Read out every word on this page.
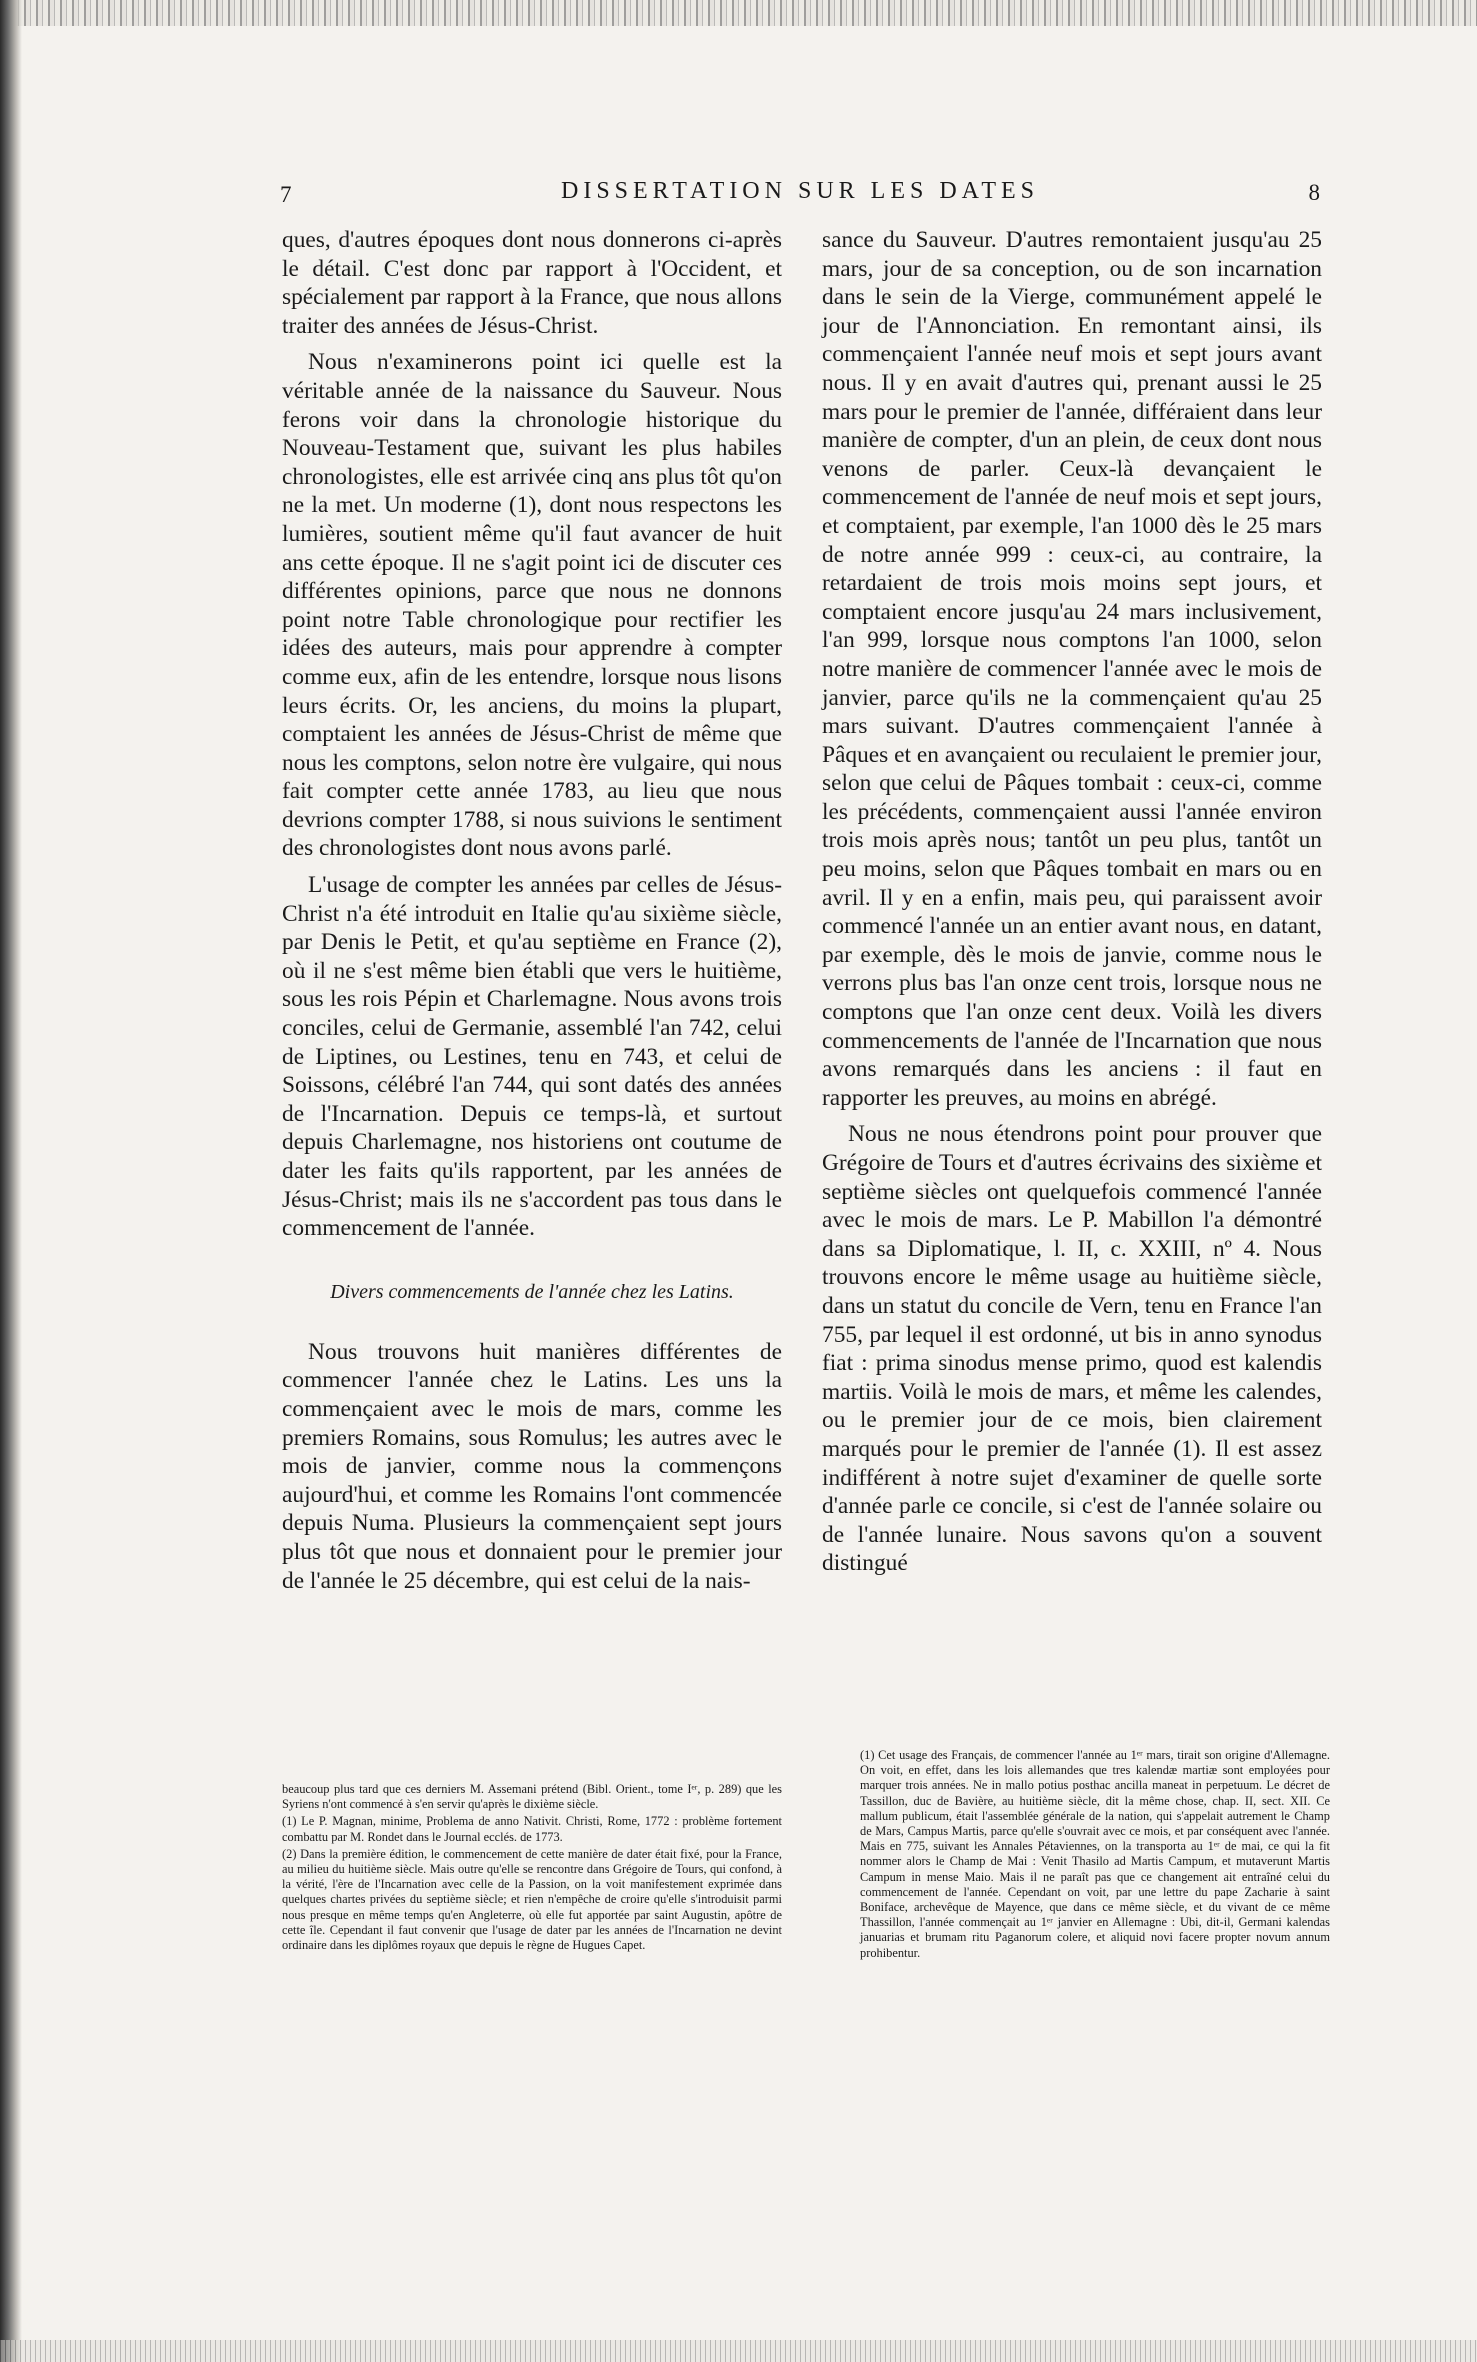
7	DISSERTATION SUR LES DATES	8

ques, d'autres époques dont nous donnerons ci-après le détail. C'est donc par rapport à l'Occident, et spécialement par rapport à la France, que nous allons traiter des années de Jésus-Christ.

Nous n'examinerons point ici quelle est la véritable année de la naissance du Sauveur. Nous ferons voir dans la chronologie historique du Nouveau-Testament que, suivant les plus habiles chronologistes, elle est arrivée cinq ans plus tôt qu'on ne la met. Un moderne (1), dont nous respectons les lumières, soutient même qu'il faut avancer de huit ans cette époque. Il ne s'agit point ici de discuter ces différentes opinions, parce que nous ne donnons point notre Table chronologique pour rectifier les idées des auteurs, mais pour apprendre à compter comme eux, afin de les entendre, lorsque nous lisons leurs écrits. Or, les anciens, du moins la plupart, comptaient les années de Jésus-Christ de même que nous les comptons, selon notre ère vulgaire, qui nous fait compter cette année 1783, au lieu que nous devrions compter 1788, si nous suivions le sentiment des chronologistes dont nous avons parlé.

L'usage de compter les années par celles de Jésus-Christ n'a été introduit en Italie qu'au sixième siècle, par Denis le Petit, et qu'au septième en France (2), où il ne s'est même bien établi que vers le huitième, sous les rois Pépin et Charlemagne. Nous avons trois conciles, celui de Germanie, assemblé l'an 742, celui de Liptines, ou Lestines, tenu en 743, et celui de Soissons, célébré l'an 744, qui sont datés des années de l'Incarnation. Depuis ce temps-là, et surtout depuis Charlemagne, nos historiens ont coutume de dater les faits qu'ils rapportent, par les années de Jésus-Christ; mais ils ne s'accordent pas tous dans le commencement de l'année.

Divers commencements de l'année chez les Latins.

Nous trouvons huit manières différentes de commencer l'année chez le Latins. Les uns la commençaient avec le mois de mars, comme les premiers Romains, sous Romulus; les autres avec le mois de janvier, comme nous la commençons aujourd'hui, et comme les Romains l'ont commencée depuis Numa. Plusieurs la commençaient sept jours plus tôt que nous et donnaient pour le premier jour de l'année le 25 décembre, qui est celui de la nais-

sance du Sauveur. D'autres remontaient jusqu'au 25 mars, jour de sa conception, ou de son incarnation dans le sein de la Vierge, communément appelé le jour de l'Annonciation. En remontant ainsi, ils commençaient l'année neuf mois et sept jours avant nous. Il y en avait d'autres qui, prenant aussi le 25 mars pour le premier de l'année, différaient dans leur manière de compter, d'un an plein, de ceux dont nous venons de parler. Ceux-là devançaient le commencement de l'année de neuf mois et sept jours, et comptaient, par exemple, l'an 1000 dès le 25 mars de notre année 999 : ceux-ci, au contraire, la retardaient de trois mois moins sept jours, et comptaient encore jusqu'au 24 mars inclusivement, l'an 999, lorsque nous comptons l'an 1000, selon notre manière de commencer l'année avec le mois de janvier, parce qu'ils ne la commençaient qu'au 25 mars suivant. D'autres commençaient l'année à Pâques et en avançaient ou reculaient le premier jour, selon que celui de Pâques tombait : ceux-ci, comme les précédents, commençaient aussi l'année environ trois mois après nous; tantôt un peu plus, tantôt un peu moins, selon que Pâques tombait en mars ou en avril. Il y en a enfin, mais peu, qui paraissent avoir commencé l'année un an entier avant nous, en datant, par exemple, dès le mois de janvie, comme nous le verrons plus bas l'an onze cent trois, lorsque nous ne comptons que l'an onze cent deux. Voilà les divers commencements de l'année de l'Incarnation que nous avons remarqués dans les anciens : il faut en rapporter les preuves, au moins en abrégé.

Nous ne nous étendrons point pour prouver que Grégoire de Tours et d'autres écrivains des sixième et septième siècles ont quelquefois commencé l'année avec le mois de mars. Le P. Mabillon l'a démontré dans sa Diplomatique, l. II, c. XXIII, nº 4. Nous trouvons encore le même usage au huitième siècle, dans un statut du concile de Vern, tenu en France l'an 755, par lequel il est ordonné, ut bis in anno synodus fiat : prima sinodus mense primo, quod est kalendis martiis. Voilà le mois de mars, et même les calendes, ou le premier jour de ce mois, bien clairement marqués pour le premier de l'année (1). Il est assez indifférent à notre sujet d'examiner de quelle sorte d'année parle ce concile, si c'est de l'année solaire ou de l'année lunaire. Nous savons qu'on a souvent distingué

beaucoup plus tard que ces derniers M. Assemani prétend (Bibl. Orient., tome Iᵉʳ, p. 289) que les Syriens n'ont commencé à s'en servir qu'après le dixième siècle.

(1) Le P. Magnan, minime, Problema de anno Nativit. Christi, Rome, 1772 : problème fortement combattu par M. Rondet dans le Journal ecclés. de 1773.

(2) Dans la première édition, le commencement de cette manière de dater était fixé, pour la France, au milieu du huitième siècle. Mais outre qu'elle se rencontre dans Grégoire de Tours, qui confond, à la vérité, l'ère de l'Incarnation avec celle de la Passion, on la voit manifestement exprimée dans quelques chartes privées du septième siècle; et rien n'empêche de croire qu'elle s'introduisit parmi nous presque en même temps qu'en Angleterre, où elle fut apportée par saint Augustin, apôtre de cette île. Cependant il faut convenir que l'usage de dater par les années de l'Incarnation ne devint ordinaire dans les diplômes royaux que depuis le règne de Hugues Capet.

(1) Cet usage des Français, de commencer l'année au 1ᵉʳ mars, tirait son origine d'Allemagne. On voit, en effet, dans les lois allemandes que tres kalendæ martiæ sont employées pour marquer trois années. Ne in mallo potius posthac ancilla maneat in perpetuum. Le décret de Tassillon, duc de Bavière, au huitième siècle, dit la même chose, chap. II, sect. XII. Ce mallum publicum, était l'assemblée générale de la nation, qui s'appelait autrement le Champ de Mars, Campus Martis, parce qu'elle s'ouvrait avec ce mois, et par conséquent avec l'année. Mais en 775, suivant les Annales Pétaviennes, on la transporta au 1ᵉʳ de mai, ce qui la fit nommer alors le Champ de Mai : Venit Thasilo ad Martis Campum, et mutaverunt Martis Campum in mense Maio. Mais il ne paraît pas que ce changement ait entraîné celui du commencement de l'année. Cependant on voit, par une lettre du pape Zacharie à saint Boniface, archevêque de Mayence, que dans ce même siècle, et du vivant de ce même Thassillon, l'année commençait au 1ᵉʳ janvier en Allemagne : Ubi, dit-il, Germani kalendas januarias et brumam ritu Paganorum colere, et aliquid novi facere propter novum annum prohibentur.
